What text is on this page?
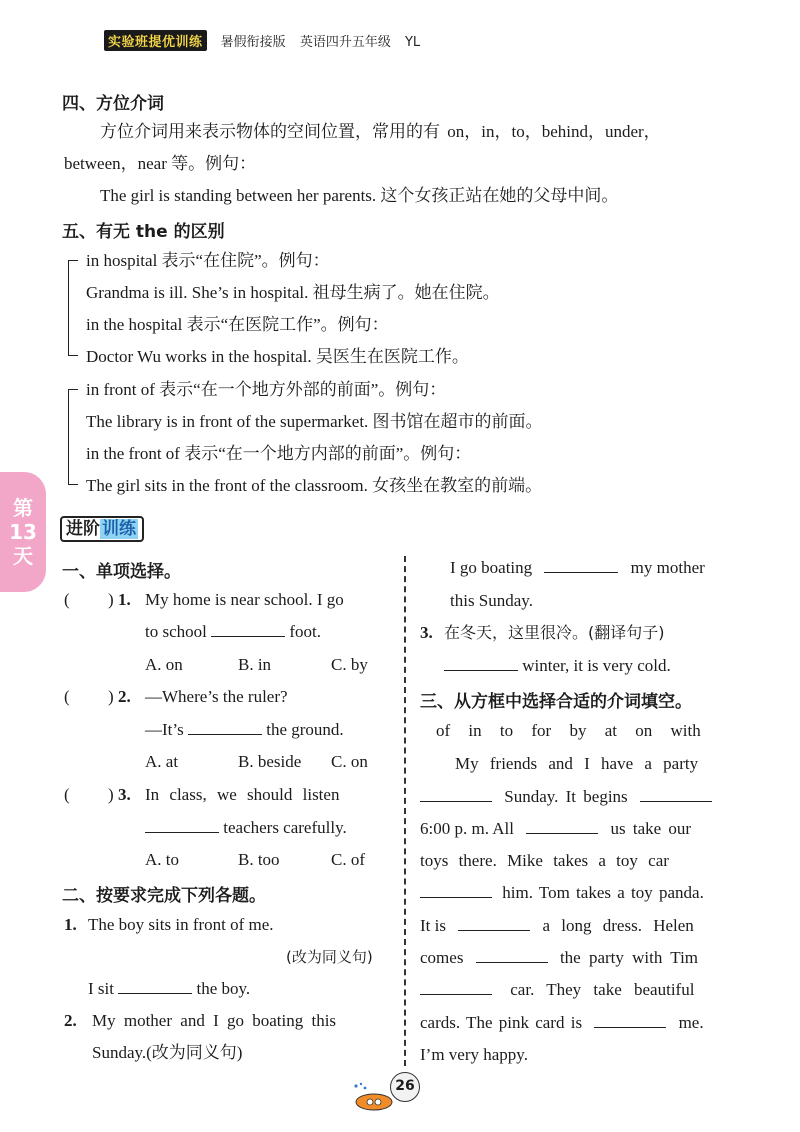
实验班提优训练 暑假衔接版 英语四升五年级 YL
四、方位介词
方位介词用来表示物体的空间位置，常用的有 on，in，to，behind，under，
between，near 等。例句：
The girl is standing between her parents. 这个女孩正站在她的父母中间。
五、有无 the 的区别
in hospital 表示“在住院”。例句：
Grandma is ill. She’s in hospital. 祖母生病了。她在住院。
in the hospital 表示“在医院工作”。例句：
Doctor Wu works in the hospital. 吴医生在医院工作。
in front of 表示“在一个地方外部的前面”。例句：
The library is in front of the supermarket. 图书馆在超市的前面。
in the front of 表示“在一个地方内部的前面”。例句：
The girl sits in the front of the classroom. 女孩坐在教室的前端。
第
13
天
进阶 训练
一、单项选择。
( ) 1. My home is near school. I go
to school	foot.
A. on	B. in	C. by
( ) 2. —Where’s the ruler?
—It’s	the ground.
A. at	B. beside C. on
( ) 3. In class, we should listen
teachers carefully.
A. to	B. too	C. of
二、按要求完成下列各题。
1. The boy sits in front of me.
(改为同义句)
I sit	the boy.
2. My mother and I go boating this
Sunday.(改为同义句)
I go boating	my mother
this Sunday.
3. 在冬天，这里很冷。(翻译句子)
winter, it is very cold.
三、从方框中选择合适的介词填空。
of in to for by at on with
My friends and I have a party
Sunday. It begins
6:00 p. m. All	us take our
toys there. Mike takes a toy car
him. Tom takes a toy panda.
It is	a long dress. Helen
comes	the party with Tim
car. They take beautiful
cards. The pink card is	me.
I’m very happy.
26
